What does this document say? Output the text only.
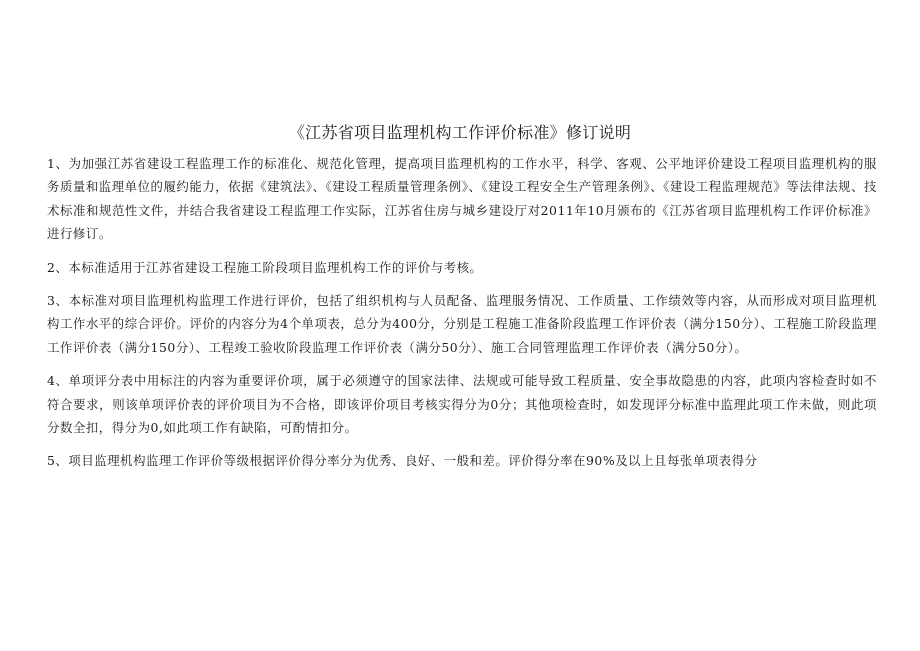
《江苏省项目监理机构工作评价标准》修订说明

1、为加强江苏省建设工程监理工作的标准化、规范化管理，提高项目监理机构的工作水平，科学、客观、公平地评价建设工程项目监理机构的服务质量和监理单位的履约能力，依据《建筑法》、《建设工程质量管理条例》、《建设工程安全生产管理条例》、《建设工程监理规范》等法律法规、技术标准和规范性文件，并结合我省建设工程监理工作实际，江苏省住房与城乡建设厅对2011年10月颁布的《江苏省项目监理机构工作评价标准》进行修订。

2、本标准适用于江苏省建设工程施工阶段项目监理机构工作的评价与考核。

3、本标准对项目监理机构监理工作进行评价，包括了组织机构与人员配备、监理服务情况、工作质量、工作绩效等内容，从而形成对项目监理机构工作水平的综合评价。评价的内容分为4个单项表，总分为400分，分别是工程施工准备阶段监理工作评价表（满分150分）、工程施工阶段监理工作评价表（满分150分）、工程竣工验收阶段监理工作评价表（满分50分）、施工合同管理监理工作评价表（满分50分）。

4、单项评分表中用标注的内容为重要评价项，属于必须遵守的国家法律、法规或可能导致工程质量、安全事故隐患的内容，此项内容检查时如不符合要求，则该单项评价表的评价项目为不合格，即该评价项目考核实得分为0分；其他项检查时，如发现评分标准中监理此项工作未做，则此项分数全扣，得分为0,如此项工作有缺陷，可酌情扣分。

5、项目监理机构监理工作评价等级根据评价得分率分为优秀、良好、一般和差。评价得分率在90%及以上且每张单项表得分
